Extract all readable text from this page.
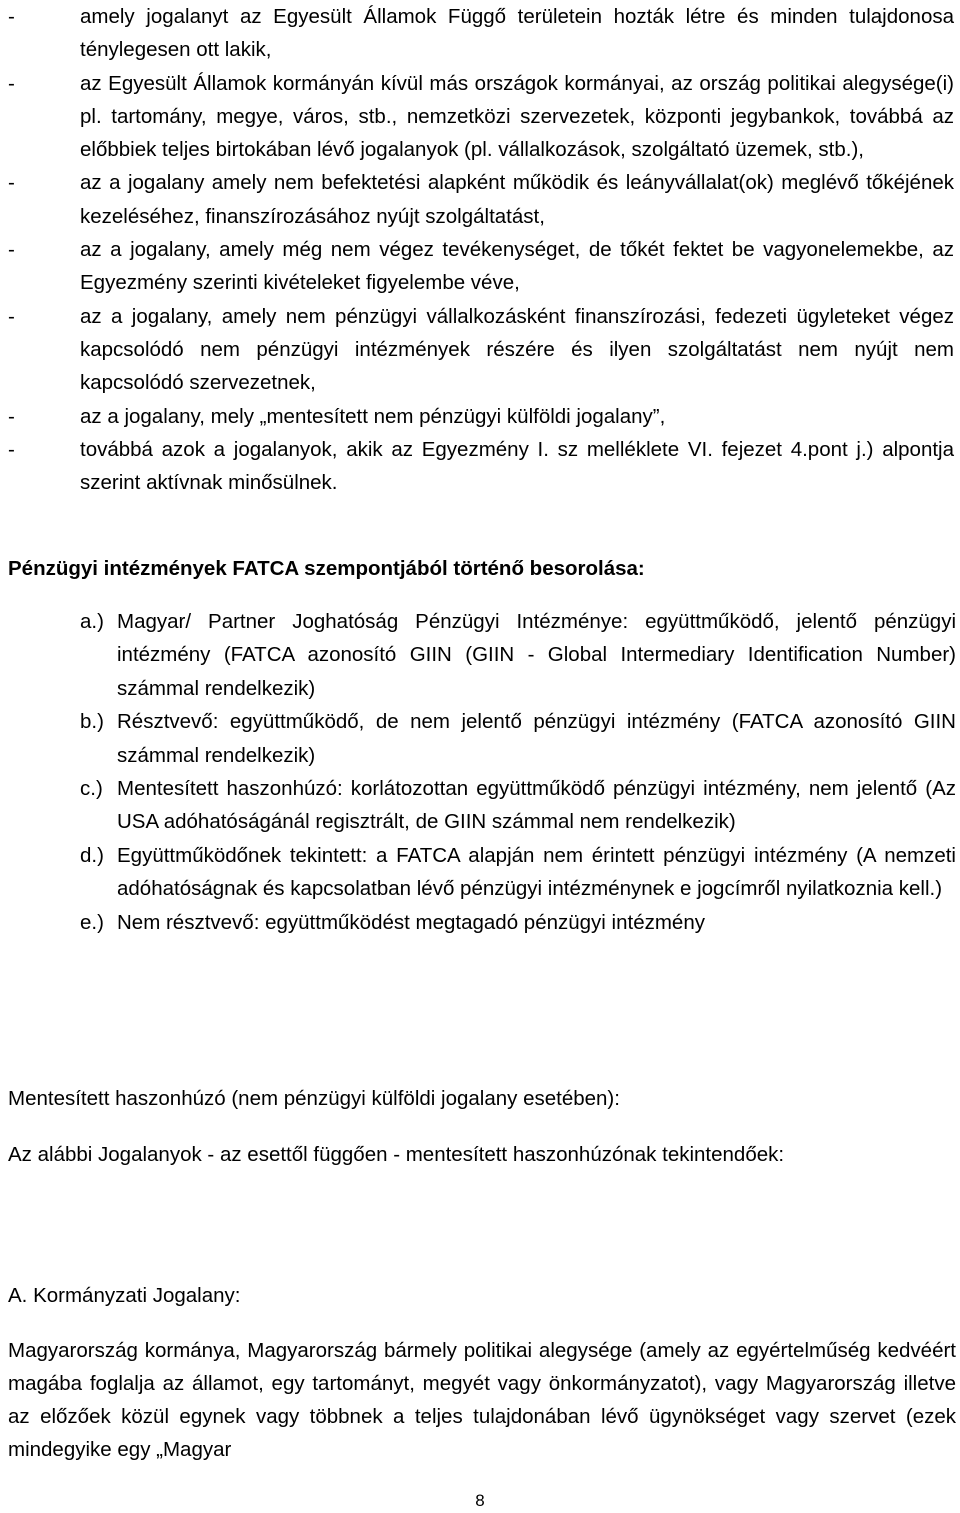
-	amely jogalanyt az Egyesült Államok Függő területein hozták létre és minden tulajdonosa ténylegesen ott lakik,
-	az Egyesült Államok kormányán kívül más országok kormányai, az ország politikai alegysége(i) pl. tartomány, megye, város, stb., nemzetközi szervezetek, központi jegybankok, továbbá az előbbiek teljes birtokában lévő jogalanyok (pl. vállalkozások, szolgáltató üzemek, stb.),
-	az a jogalany amely nem befektetési alapként működik és leányvállalat(ok) meglévő tőkéjének kezeléséhez, finanszírozásához nyújt szolgáltatást,
-	az a jogalany, amely még nem végez tevékenységet, de tőkét fektet be vagyonelemekbe, az Egyezmény szerinti kivételeket figyelembe véve,
-	az a jogalany, amely nem pénzügyi vállalkozásként finanszírozási, fedezeti ügyleteket végez kapcsolódó nem pénzügyi intézmények részére és ilyen szolgáltatást nem nyújt nem kapcsolódó szervezetnek,
-	az a jogalany, mely „mentesített nem pénzügyi külföldi jogalany”,
-	továbbá azok a jogalanyok, akik az Egyezmény I. sz melléklete VI. fejezet 4.pont j.) alpontja szerint aktívnak minősülnek.
Pénzügyi intézmények FATCA szempontjából történő besorolása:
a.) Magyar/ Partner Joghatóság Pénzügyi Intézménye: együttműködő, jelentő pénzügyi intézmény (FATCA azonosító GIIN (GIIN - Global Intermediary Identification Number) számmal rendelkezik)
b.) Résztvevő: együttműködő, de nem jelentő pénzügyi intézmény (FATCA azonosító GIIN számmal rendelkezik)
c.) Mentesített haszonhúzó: korlátozottan együttműködő pénzügyi intézmény, nem jelentő (Az USA adóhatóságánál regisztrált, de GIIN számmal nem rendelkezik)
d.) Együttműködőnek tekintett: a FATCA alapján nem érintett pénzügyi intézmény (A nemzeti adóhatóságnak és kapcsolatban lévő pénzügyi intézménynek e jogcímről nyilatkoznia kell.)
e.) Nem résztvevő: együttműködést megtagadó pénzügyi intézmény
Mentesített haszonhúzó (nem pénzügyi külföldi jogalany esetében):
Az alábbi Jogalanyok - az esettől függően - mentesített haszonhúzónak tekintendőek:
A. Kormányzati Jogalany:
Magyarország kormánya, Magyarország bármely politikai alegysége (amely az egyértelműség kedvéért magába foglalja az államot, egy tartományt, megyét vagy önkormányzatot), vagy Magyarország illetve az előzőek közül egynek vagy többnek a teljes tulajdonában lévő ügynökséget vagy szervet (ezek mindegyike egy „Magyar
8
